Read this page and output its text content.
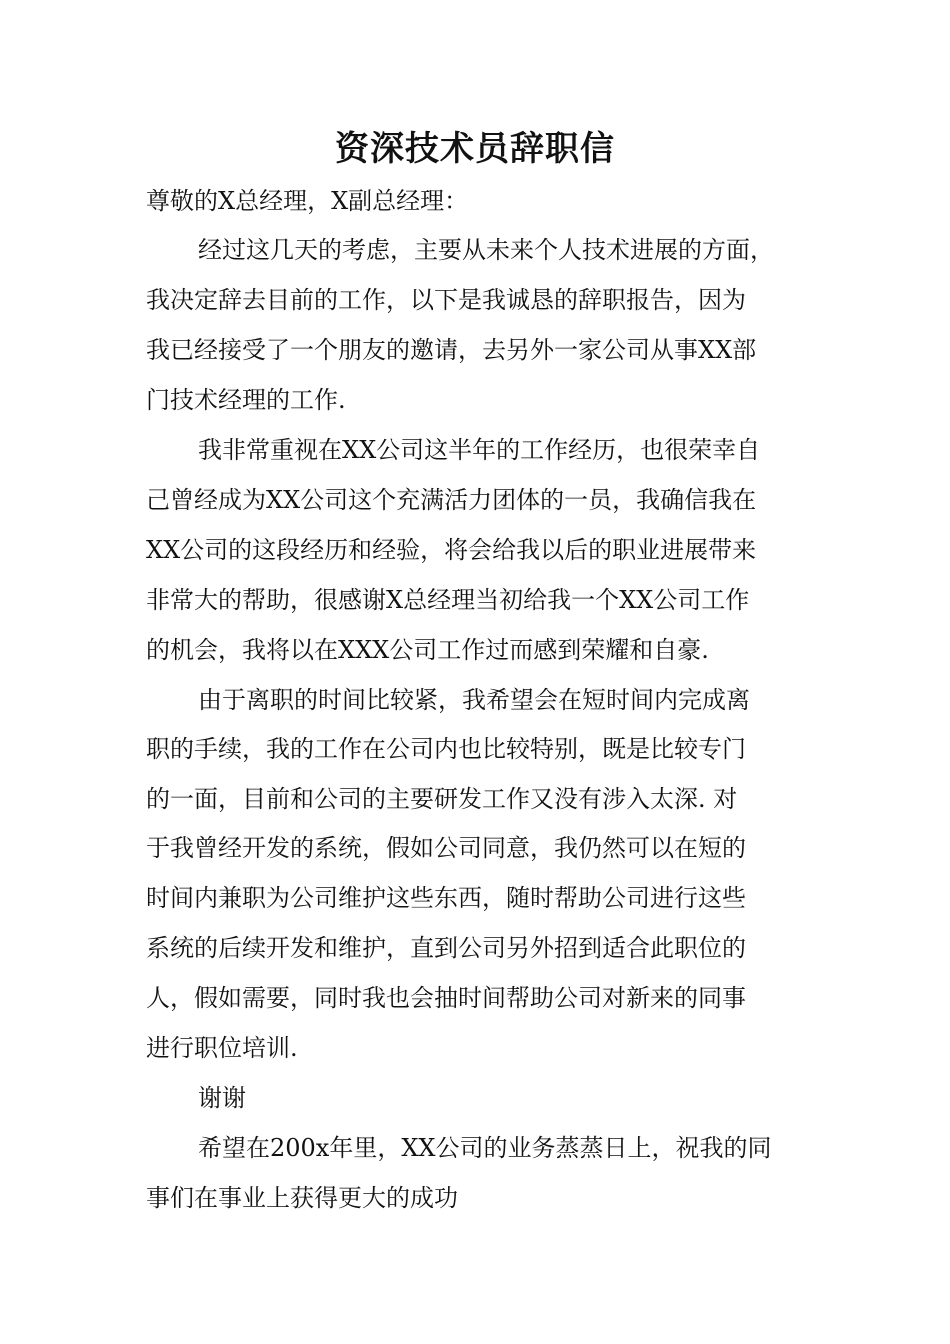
资深技术员辞职信
尊敬的X总经理，X副总经理：
经过这几天的考虑，主要从未来个人技术进展的方面，
我决定辞去目前的工作，以下是我诚恳的辞职报告，因为
我已经接受了一个朋友的邀请，去另外一家公司从事XX部
门技术经理的工作.
我非常重视在XX公司这半年的工作经历，也很荣幸自
己曾经成为XX公司这个充满活力团体的一员，我确信我在
XX公司的这段经历和经验，将会给我以后的职业进展带来
非常大的帮助，很感谢X总经理当初给我一个XX公司工作
的机会，我将以在XXX公司工作过而感到荣耀和自豪.
由于离职的时间比较紧，我希望会在短时间内完成离
职的手续，我的工作在公司内也比较特别，既是比较专门
的一面，目前和公司的主要研发工作又没有涉入太深. 对
于我曾经开发的系统，假如公司同意，我仍然可以在短的
时间内兼职为公司维护这些东西，随时帮助公司进行这些
系统的后续开发和维护，直到公司另外招到适合此职位的
人，假如需要，同时我也会抽时间帮助公司对新来的同事
进行职位培训.
谢谢
希望在200x年里，XX公司的业务蒸蒸日上，祝我的同
事们在事业上获得更大的成功
